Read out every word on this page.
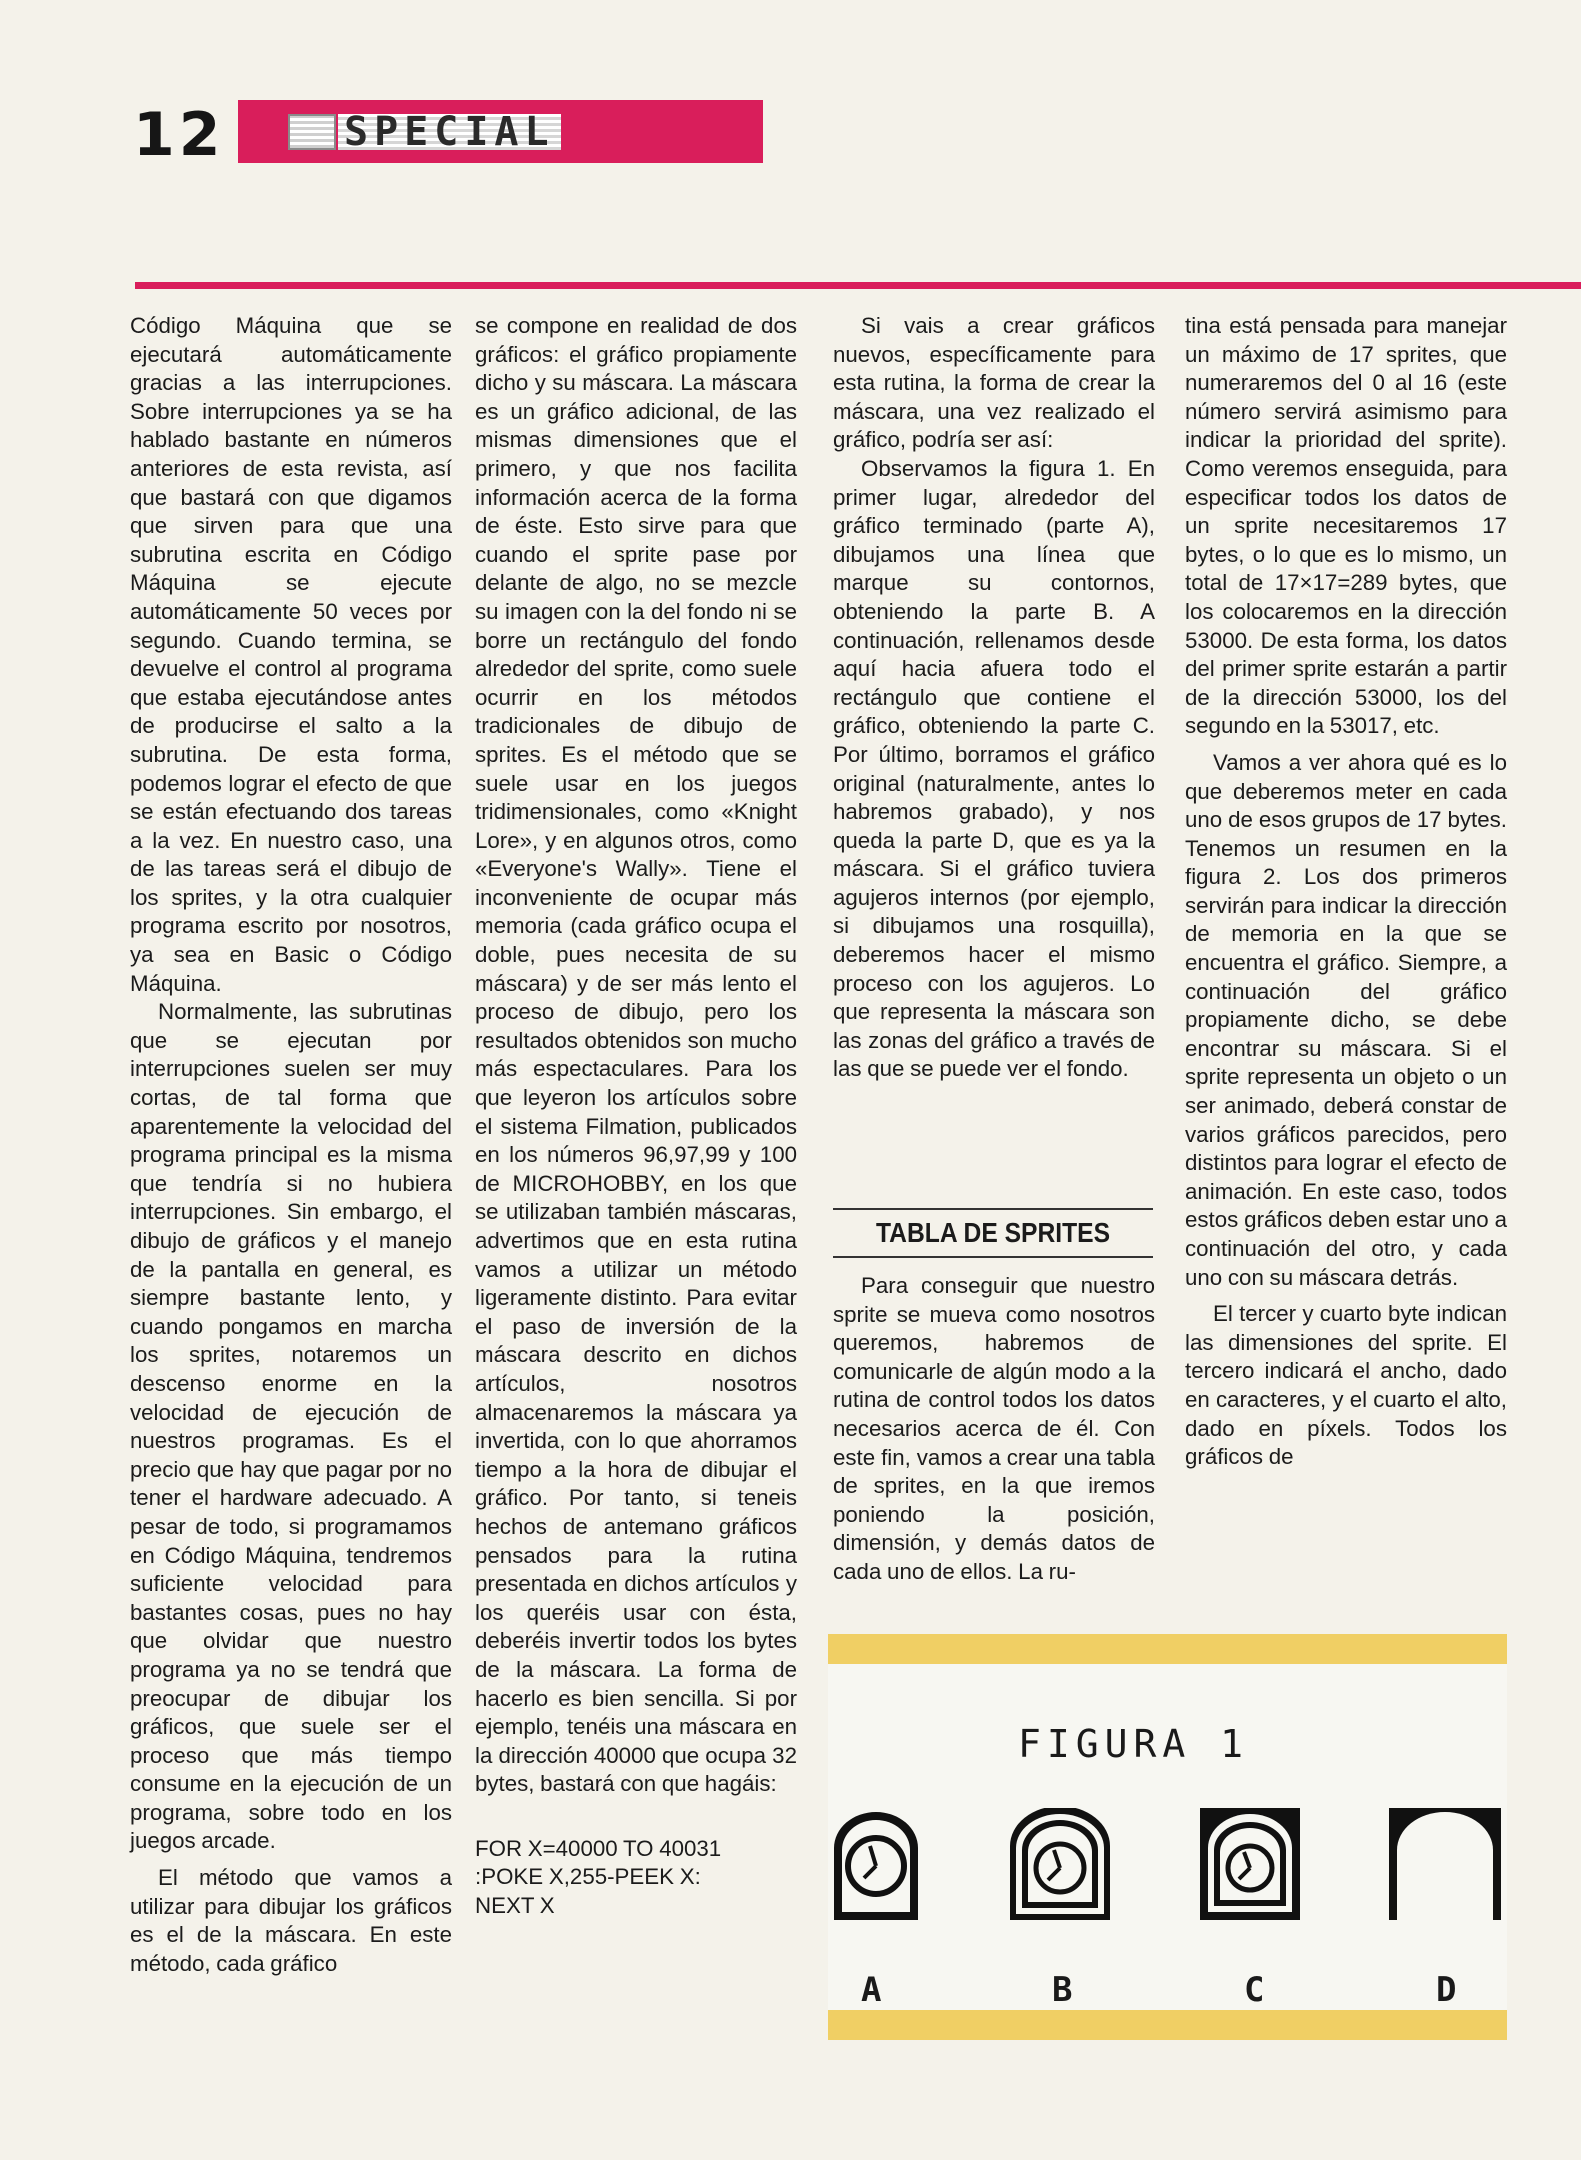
12	SPECIAL

Código Máquina que se ejecutará automáticamente gracias a las interrupciones. Sobre interrupciones ya se ha hablado bastante en números anteriores de esta revista, así que bastará con que digamos que sirven para que una subrutina escrita en Código Máquina se ejecute automáticamente 50 veces por segundo. Cuando termina, se devuelve el control al programa que estaba ejecutándose antes de producirse el salto a la subrutina. De esta forma, podemos lograr el efecto de que se están efectuando dos tareas a la vez. En nuestro caso, una de las tareas será el dibujo de los sprites, y la otra cualquier programa escrito por nosotros, ya sea en Basic o Código Máquina.

Normalmente, las subrutinas que se ejecutan por interrupciones suelen ser muy cortas, de tal forma que aparentemente la velocidad del programa principal es la misma que tendría si no hubiera interrupciones. Sin embargo, el dibujo de gráficos y el manejo de la pantalla en general, es siempre bastante lento, y cuando pongamos en marcha los sprites, notaremos un descenso enorme en la velocidad de ejecución de nuestros programas. Es el precio que hay que pagar por no tener el hardware adecuado. A pesar de todo, si programamos en Código Máquina, tendremos suficiente velocidad para bastantes cosas, pues no hay que olvidar que nuestro programa ya no se tendrá que preocupar de dibujar los gráficos, que suele ser el proceso que más tiempo consume en la ejecución de un programa, sobre todo en los juegos arcade.

El método que vamos a utilizar para dibujar los gráficos es el de la máscara. En este método, cada gráfico

se compone en realidad de dos gráficos: el gráfico propiamente dicho y su máscara. La máscara es un gráfico adicional, de las mismas dimensiones que el primero, y que nos facilita información acerca de la forma de éste. Esto sirve para que cuando el sprite pase por delante de algo, no se mezcle su imagen con la del fondo ni se borre un rectángulo del fondo alrededor del sprite, como suele ocurrir en los métodos tradicionales de dibujo de sprites. Es el método que se suele usar en los juegos tridimensionales, como «Knight Lore», y en algunos otros, como «Everyone's Wally». Tiene el inconveniente de ocupar más memoria (cada gráfico ocupa el doble, pues necesita de su máscara) y de ser más lento el proceso de dibujo, pero los resultados obtenidos son mucho más espectaculares. Para los que leyeron los artículos sobre el sistema Filmation, publicados en los números 96,97,99 y 100 de MICROHOBBY, en los que se utilizaban también máscaras, advertimos que en esta rutina vamos a utilizar un método ligeramente distinto. Para evitar el paso de inversión de la máscara descrito en dichos artículos, nosotros almacenaremos la máscara ya invertida, con lo que ahorramos tiempo a la hora de dibujar el gráfico. Por tanto, si teneis hechos de antemano gráficos pensados para la rutina presentada en dichos artículos y los queréis usar con ésta, deberéis invertir todos los bytes de la máscara. La forma de hacerlo es bien sencilla. Si por ejemplo, tenéis una máscara en la dirección 40000 que ocupa 32 bytes, bastará con que hagáis:

FOR X=40000 TO 40031
:POKE X,255-PEEK X:
NEXT X

Si vais a crear gráficos nuevos, específicamente para esta rutina, la forma de crear la máscara, una vez realizado el gráfico, podría ser así:

Observamos la figura 1. En primer lugar, alrededor del gráfico terminado (parte A), dibujamos una línea que marque su contornos, obteniendo la parte B. A continuación, rellenamos desde aquí hacia afuera todo el rectángulo que contiene el gráfico, obteniendo la parte C. Por último, borramos el gráfico original (naturalmente, antes lo habremos grabado), y nos queda la parte D, que es ya la máscara. Si el gráfico tuviera agujeros internos (por ejemplo, si dibujamos una rosquilla), deberemos hacer el mismo proceso con los agujeros. Lo que representa la máscara son las zonas del gráfico a través de las que se puede ver el fondo.

TABLA DE SPRITES

Para conseguir que nuestro sprite se mueva como nosotros queremos, habremos de comunicarle de algún modo a la rutina de control todos los datos necesarios acerca de él. Con este fin, vamos a crear una tabla de sprites, en la que iremos poniendo la posición, dimensión, y demás datos de cada uno de ellos. La ru-

tina está pensada para manejar un máximo de 17 sprites, que numeraremos del 0 al 16 (este número servirá asimismo para indicar la prioridad del sprite). Como veremos enseguida, para especificar todos los datos de un sprite necesitaremos 17 bytes, o lo que es lo mismo, un total de 17×17=289 bytes, que los colocaremos en la dirección 53000. De esta forma, los datos del primer sprite estarán a partir de la dirección 53000, los del segundo en la 53017, etc.

Vamos a ver ahora qué es lo que deberemos meter en cada uno de esos grupos de 17 bytes. Tenemos un resumen en la figura 2. Los dos primeros servirán para indicar la dirección de memoria en la que se encuentra el gráfico. Siempre, a continuación del gráfico propiamente dicho, se debe encontrar su máscara. Si el sprite representa un objeto o un ser animado, deberá constar de varios gráficos parecidos, pero distintos para lograr el efecto de animación. En este caso, todos estos gráficos deben estar uno a continuación del otro, y cada uno con su máscara detrás.

El tercer y cuarto byte indican las dimensiones del sprite. El tercero indicará el ancho, dado en caracteres, y el cuarto el alto, dado en píxels. Todos los gráficos de

FIGURA 1
A	B	C	D
